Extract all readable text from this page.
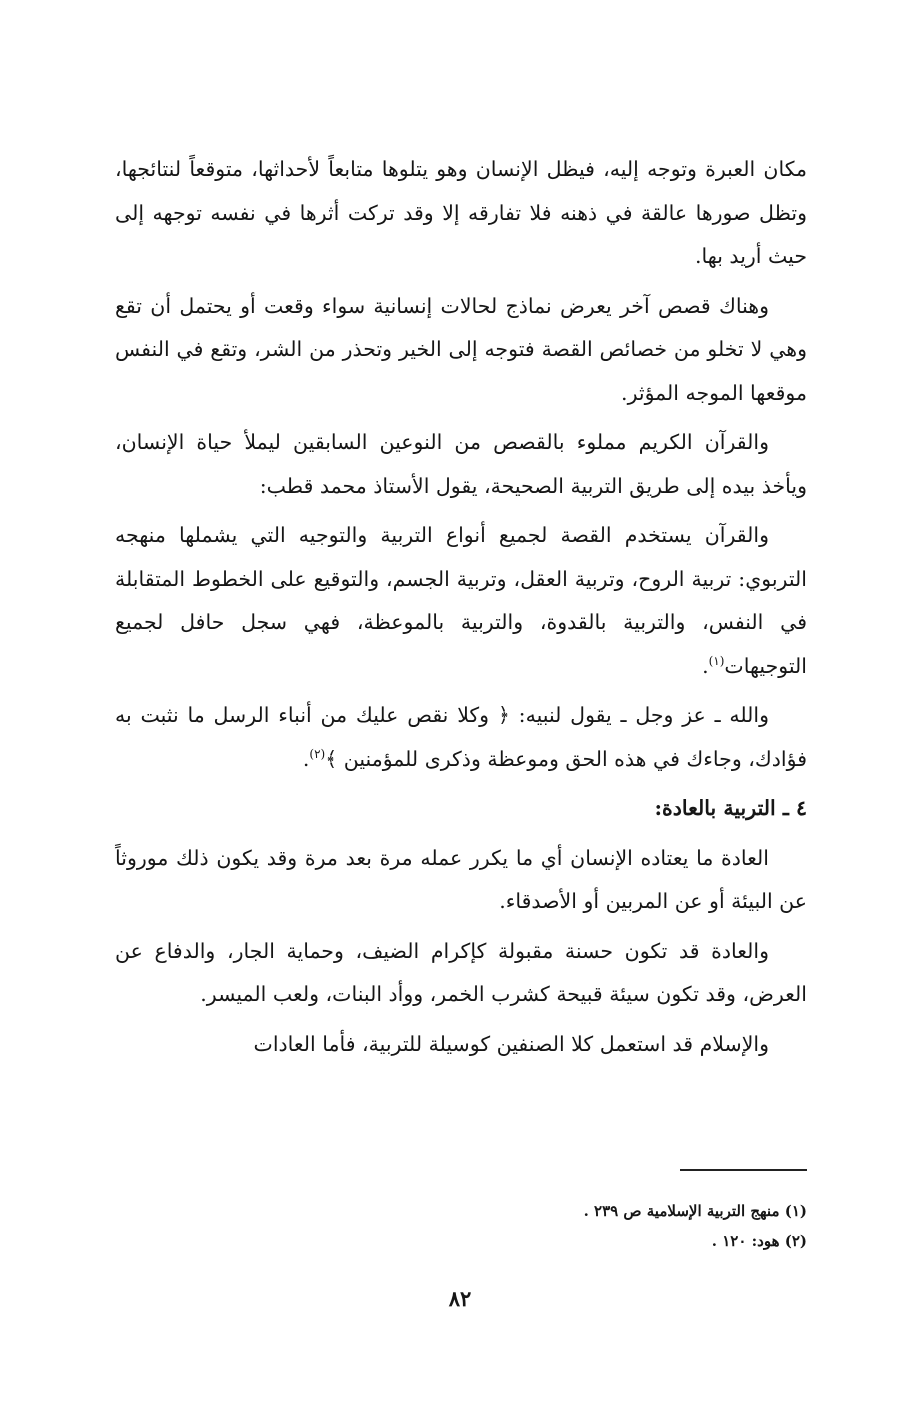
مكان العبرة وتوجه إليه، فيظل الإنسان وهو يتلوها متابعاً لأحداثها، متوقعاً لنتائجها، وتظل صورها عالقة في ذهنه فلا تفارقه إلا وقد تركت أثرها في نفسه توجهه إلى حيث أريد بها.

وهناك قصص آخر يعرض نماذج لحالات إنسانية سواء وقعت أو يحتمل أن تقع وهي لا تخلو من خصائص القصة فتوجه إلى الخير وتحذر من الشر، وتقع في النفس موقعها الموجه المؤثر.

والقرآن الكريم مملوء بالقصص من النوعين السابقين ليملأ حياة الإنسان، ويأخذ بيده إلى طريق التربية الصحيحة، يقول الأستاذ محمد قطب:

والقرآن يستخدم القصة لجميع أنواع التربية والتوجيه التي يشملها منهجه التربوي: تربية الروح، وتربية العقل، وتربية الجسم، والتوقيع على الخطوط المتقابلة في النفس، والتربية بالقدوة، والتربية بالموعظة، فهي سجل حافل لجميع التوجيهات$^{(١)}$.

والله ـ عز وجل ـ يقول لنبيه: ﴿ وكلا نقص عليك من أنباء الرسل ما نثبت به فؤادك، وجاءك في هذه الحق وموعظة وذكرى للمؤمنين ﴾$^{(٢)}$.

٤ ـ التربية بالعادة:

العادة ما يعتاده الإنسان أي ما يكرر عمله مرة بعد مرة وقد يكون ذلك موروثاً عن البيئة أو عن المربين أو الأصدقاء.

والعادة قد تكون حسنة مقبولة كإكرام الضيف، وحماية الجار، والدفاع عن العرض، وقد تكون سيئة قبيحة كشرب الخمر، ووأد البنات، ولعب الميسر.

والإسلام قد استعمل كلا الصنفين كوسيلة للتربية، فأما العادات

(١) منهج التربية الإسلامية ص ٢٣٩ .

(٢) هود: ١٢٠ .

٨٢
